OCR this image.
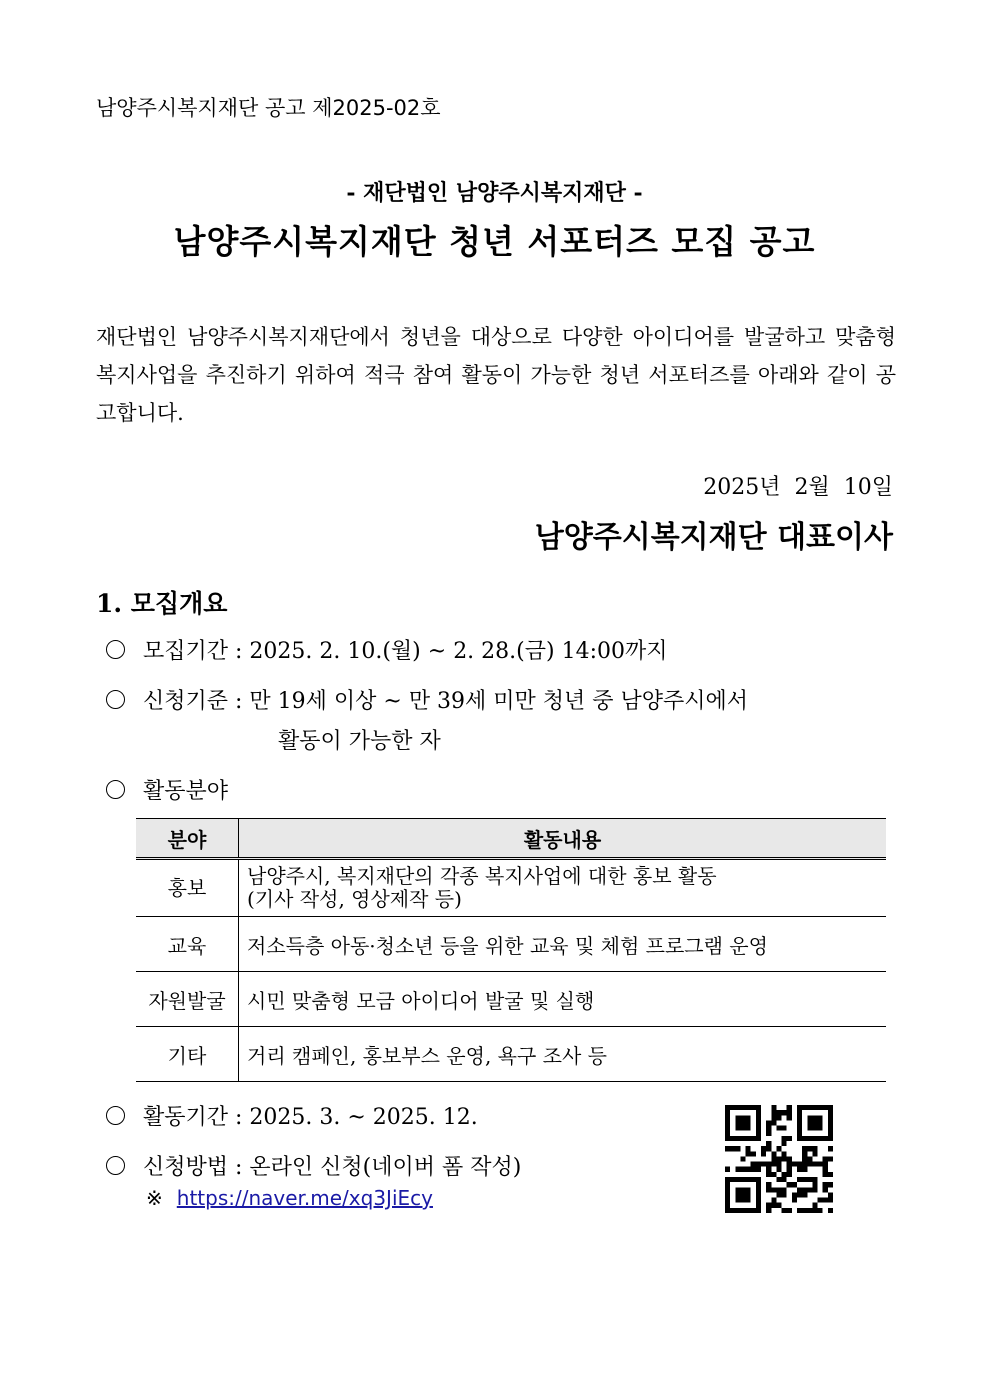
남양주시복지재단 공고 제2025-02호
- 재단법인 남양주시복지재단 -
남양주시복지재단 청년 서포터즈 모집 공고
재단법인 남양주시복지재단에서 청년을 대상으로 다양한 아이디어를 발굴하고 맞춤형 복지사업을 추진하기 위하여 적극 참여 활동이 가능한 청년 서포터즈를 아래와 같이 공고합니다.
2025년  2월  10일
남양주시복지재단 대표이사
1. 모집개요
모집기간 : 2025. 2. 10.(월) ~ 2. 28.(금) 14:00까지
신청기준 : 만 19세 이상 ~ 만 39세 미만 청년 중 남양주시에서
활동이 가능한 자
활동분야
분야	활동내용
홍보	남양주시, 복지재단의 각종 복지사업에 대한 홍보 활동
(기사 작성, 영상제작 등)

교육	저소득층 아동·청소년 등을 위한 교육 및 체험 프로그램 운영
자원발굴	시민 맞춤형 모금 아이디어 발굴 및 실행
기타	거리 캠페인, 홍보부스 운영, 욕구 조사 등
활동기간 : 2025. 3. ~ 2025. 12.
신청방법 : 온라인 신청(네이버 폼 작성)
※ https://naver.me/xq3JiEcy
